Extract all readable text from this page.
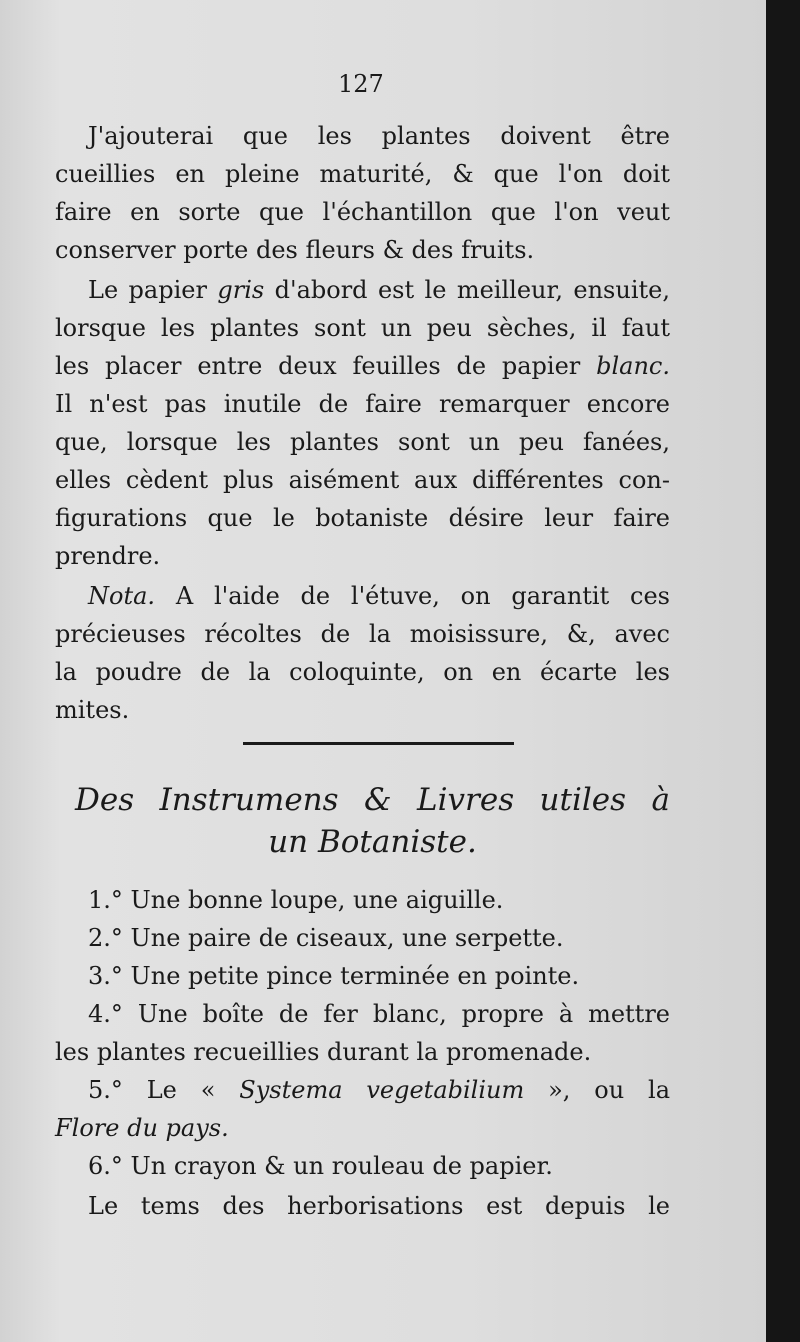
127
J'ajouterai que les plantes doivent être
cueillies en pleine maturité, & que l'on doit
faire en sorte que l'échantillon que l'on veut
conserver porte des fleurs & des fruits.
Le papier gris d'abord est le meilleur, ensuite,
lorsque les plantes sont un peu sèches, il faut
les placer entre deux feuilles de papier blanc.
Il n'est pas inutile de faire remarquer encore
que, lorsque les plantes sont un peu fanées,
elles cèdent plus aisément aux différentes con-
figurations que le botaniste désire leur faire
prendre.
Nota. A l'aide de l'étuve, on garantit ces
précieuses récoltes de la moisissure, &, avec
la poudre de la coloquinte, on en écarte les
mites.
Des Instrumens & Livres utiles à
un Botaniste.
1.° Une bonne loupe, une aiguille.
2.° Une paire de ciseaux, une serpette.
3.° Une petite pince terminée en pointe.
4.° Une boîte de fer blanc, propre à mettre
les plantes recueillies durant la promenade.
5.° Le « Systema vegetabilium », ou la
Flore du pays.
6.° Un crayon & un rouleau de papier.
Le tems des herborisations est depuis le
